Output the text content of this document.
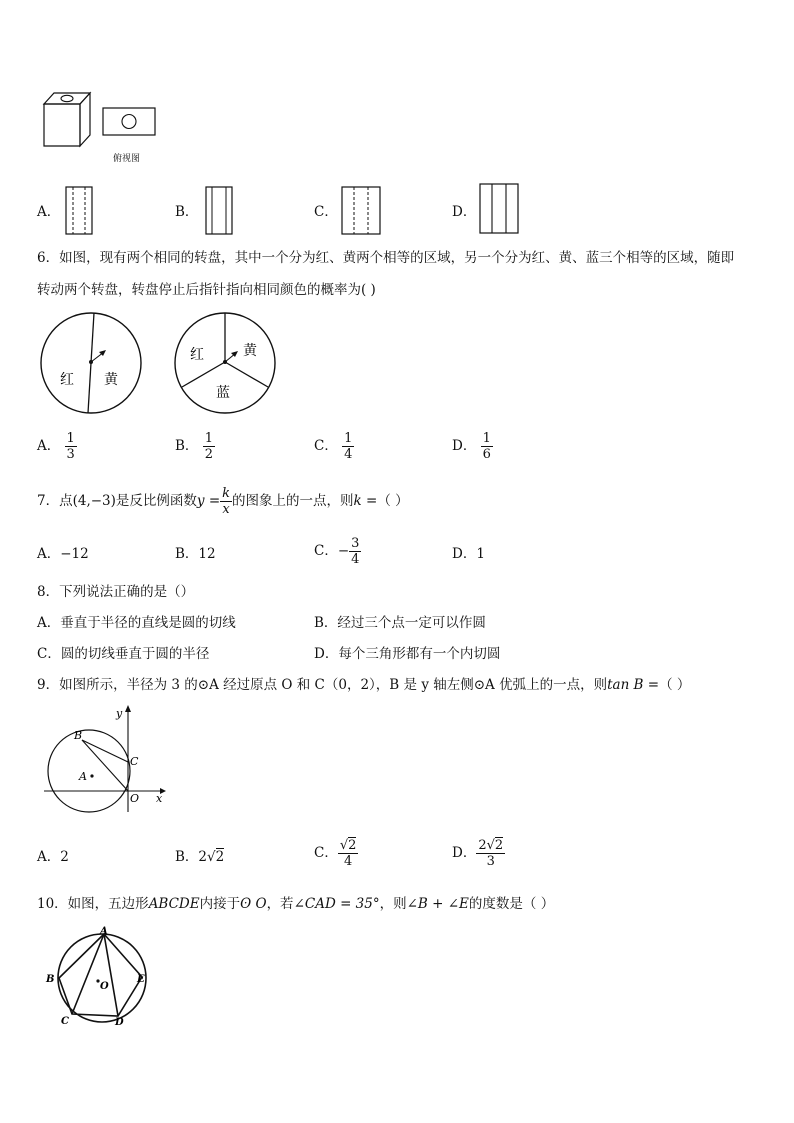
俯视图
A．	B．	C．	D．
6．如图，现有两个相同的转盘，其中一个分为红、黄两个相等的区域，另一个分为红、黄、蓝三个相等的区域，随即
转动两个转盘，转盘停止后指针指向相同颜色的概率为( )
红 黄
红	黄
蓝
A． $\frac{1}{3}$	B． $\frac{1}{2}$	C． $\frac{1}{4}$	D． $\frac{1}{6}$
7．点(4,−3)是反比例函数$y = \frac{k}{x}$ 的图象上的一点，则k =（ ）
A．−12	B．12	C．− $\frac{3}{4}$	D．1
8．下列说法正确的是（）
A．垂直于半径的直线是圆的切线	B．经过三个点一定可以作圆
C．圆的切线垂直于圆的半径	D．每个三角形都有一个内切圆
9．如图所示，半径为 3 的⊙A 经过原点 O 和 C（0，2），B 是 y 轴左侧⊙A 优弧上的一点，则tan B =（ ）
y
x
B
C
A
O
A．2	B．2√2	C． $\frac{√2}{4}$	D． $\frac{2√2}{3}$
10．如图，五边形ABCDE内接于ʘ O，若∠CAD = 35°，则∠B + ∠E的度数是（ ）
A
B
C	D
E
O
